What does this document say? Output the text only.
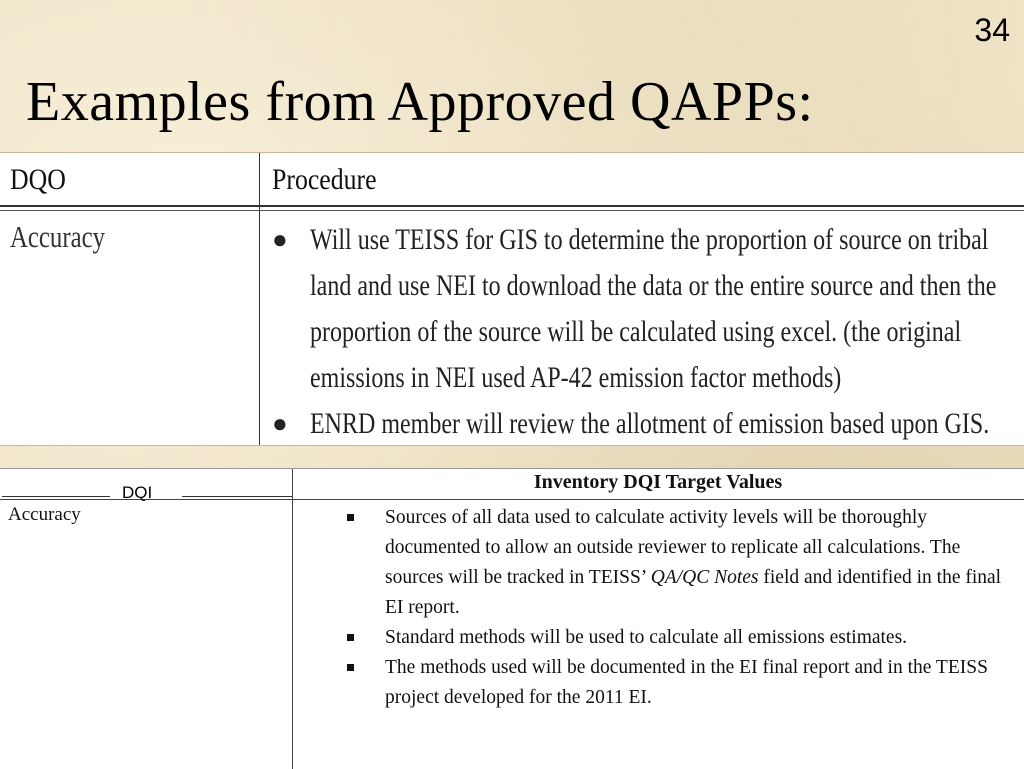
34
Examples from Approved QAPPs:
DQO	Procedure
Accuracy	● Will use TEISS for GIS to determine the proportion of source on tribal land and use NEI to download the data or the entire source and then the proportion of the source will be calculated using excel. (the original emissions in NEI used AP-42 emission factor methods)
● ENRD member will review the allotment of emission based upon GIS.
DQI	Inventory DQI Target Values
Accuracy	Sources of all data used to calculate activity levels will be thoroughly documented to allow an outside reviewer to replicate all calculations. The sources will be tracked in TEISS’ QA/QC Notes field and identified in the final EI report.
Standard methods will be used to calculate all emissions estimates.
The methods used will be documented in the EI final report and in the TEISS project developed for the 2011 EI.
